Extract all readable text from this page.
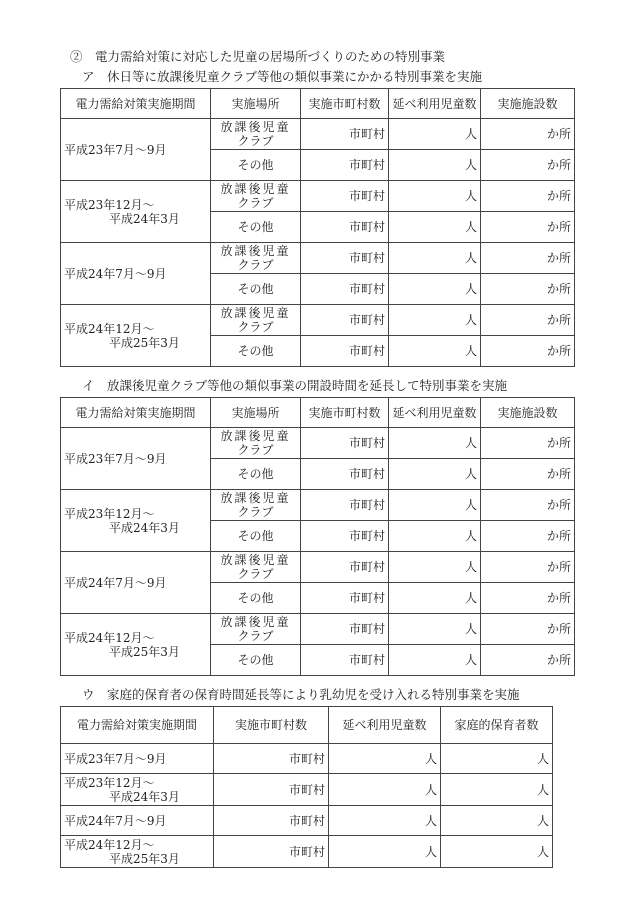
②　電力需給対策に対応した児童の居場所づくりのための特別事業
ア　休日等に放課後児童クラブ等他の類似事業にかかる特別事業を実施
電力需給対策実施期間	実施場所	実施市町村数	延べ利用児童数	実施施設数

平成23年7月～9月	放課後児童
クラブ	市町村	人	か所

	その他	市町村	人	か所

平成23年12月～
平成24年3月	放課後児童
クラブ	市町村	人	か所

	その他	市町村	人	か所

平成24年7月～9月	放課後児童
クラブ	市町村	人	か所

	その他	市町村	人	か所

平成24年12月～
平成25年3月	放課後児童
クラブ	市町村	人	か所

	その他	市町村	人	か所
イ　放課後児童クラブ等他の類似事業の開設時間を延長して特別事業を実施
電力需給対策実施期間	実施場所	実施市町村数	延べ利用児童数	実施施設数

平成23年7月～9月	放課後児童
クラブ	市町村	人	か所

	その他	市町村	人	か所

平成23年12月～
平成24年3月	放課後児童
クラブ	市町村	人	か所

	その他	市町村	人	か所

平成24年7月～9月	放課後児童
クラブ	市町村	人	か所

	その他	市町村	人	か所

平成24年12月～
平成25年3月	放課後児童
クラブ	市町村	人	か所

	その他	市町村	人	か所
ウ　家庭的保育者の保育時間延長等により乳幼児を受け入れる特別事業を実施
電力需給対策実施期間	実施市町村数	延べ利用児童数	家庭的保育者数

平成23年7月～9月	市町村	人	人

平成23年12月～
平成24年3月	市町村	人	人

平成24年7月～9月	市町村	人	人

平成24年12月～
平成25年3月	市町村	人	人
